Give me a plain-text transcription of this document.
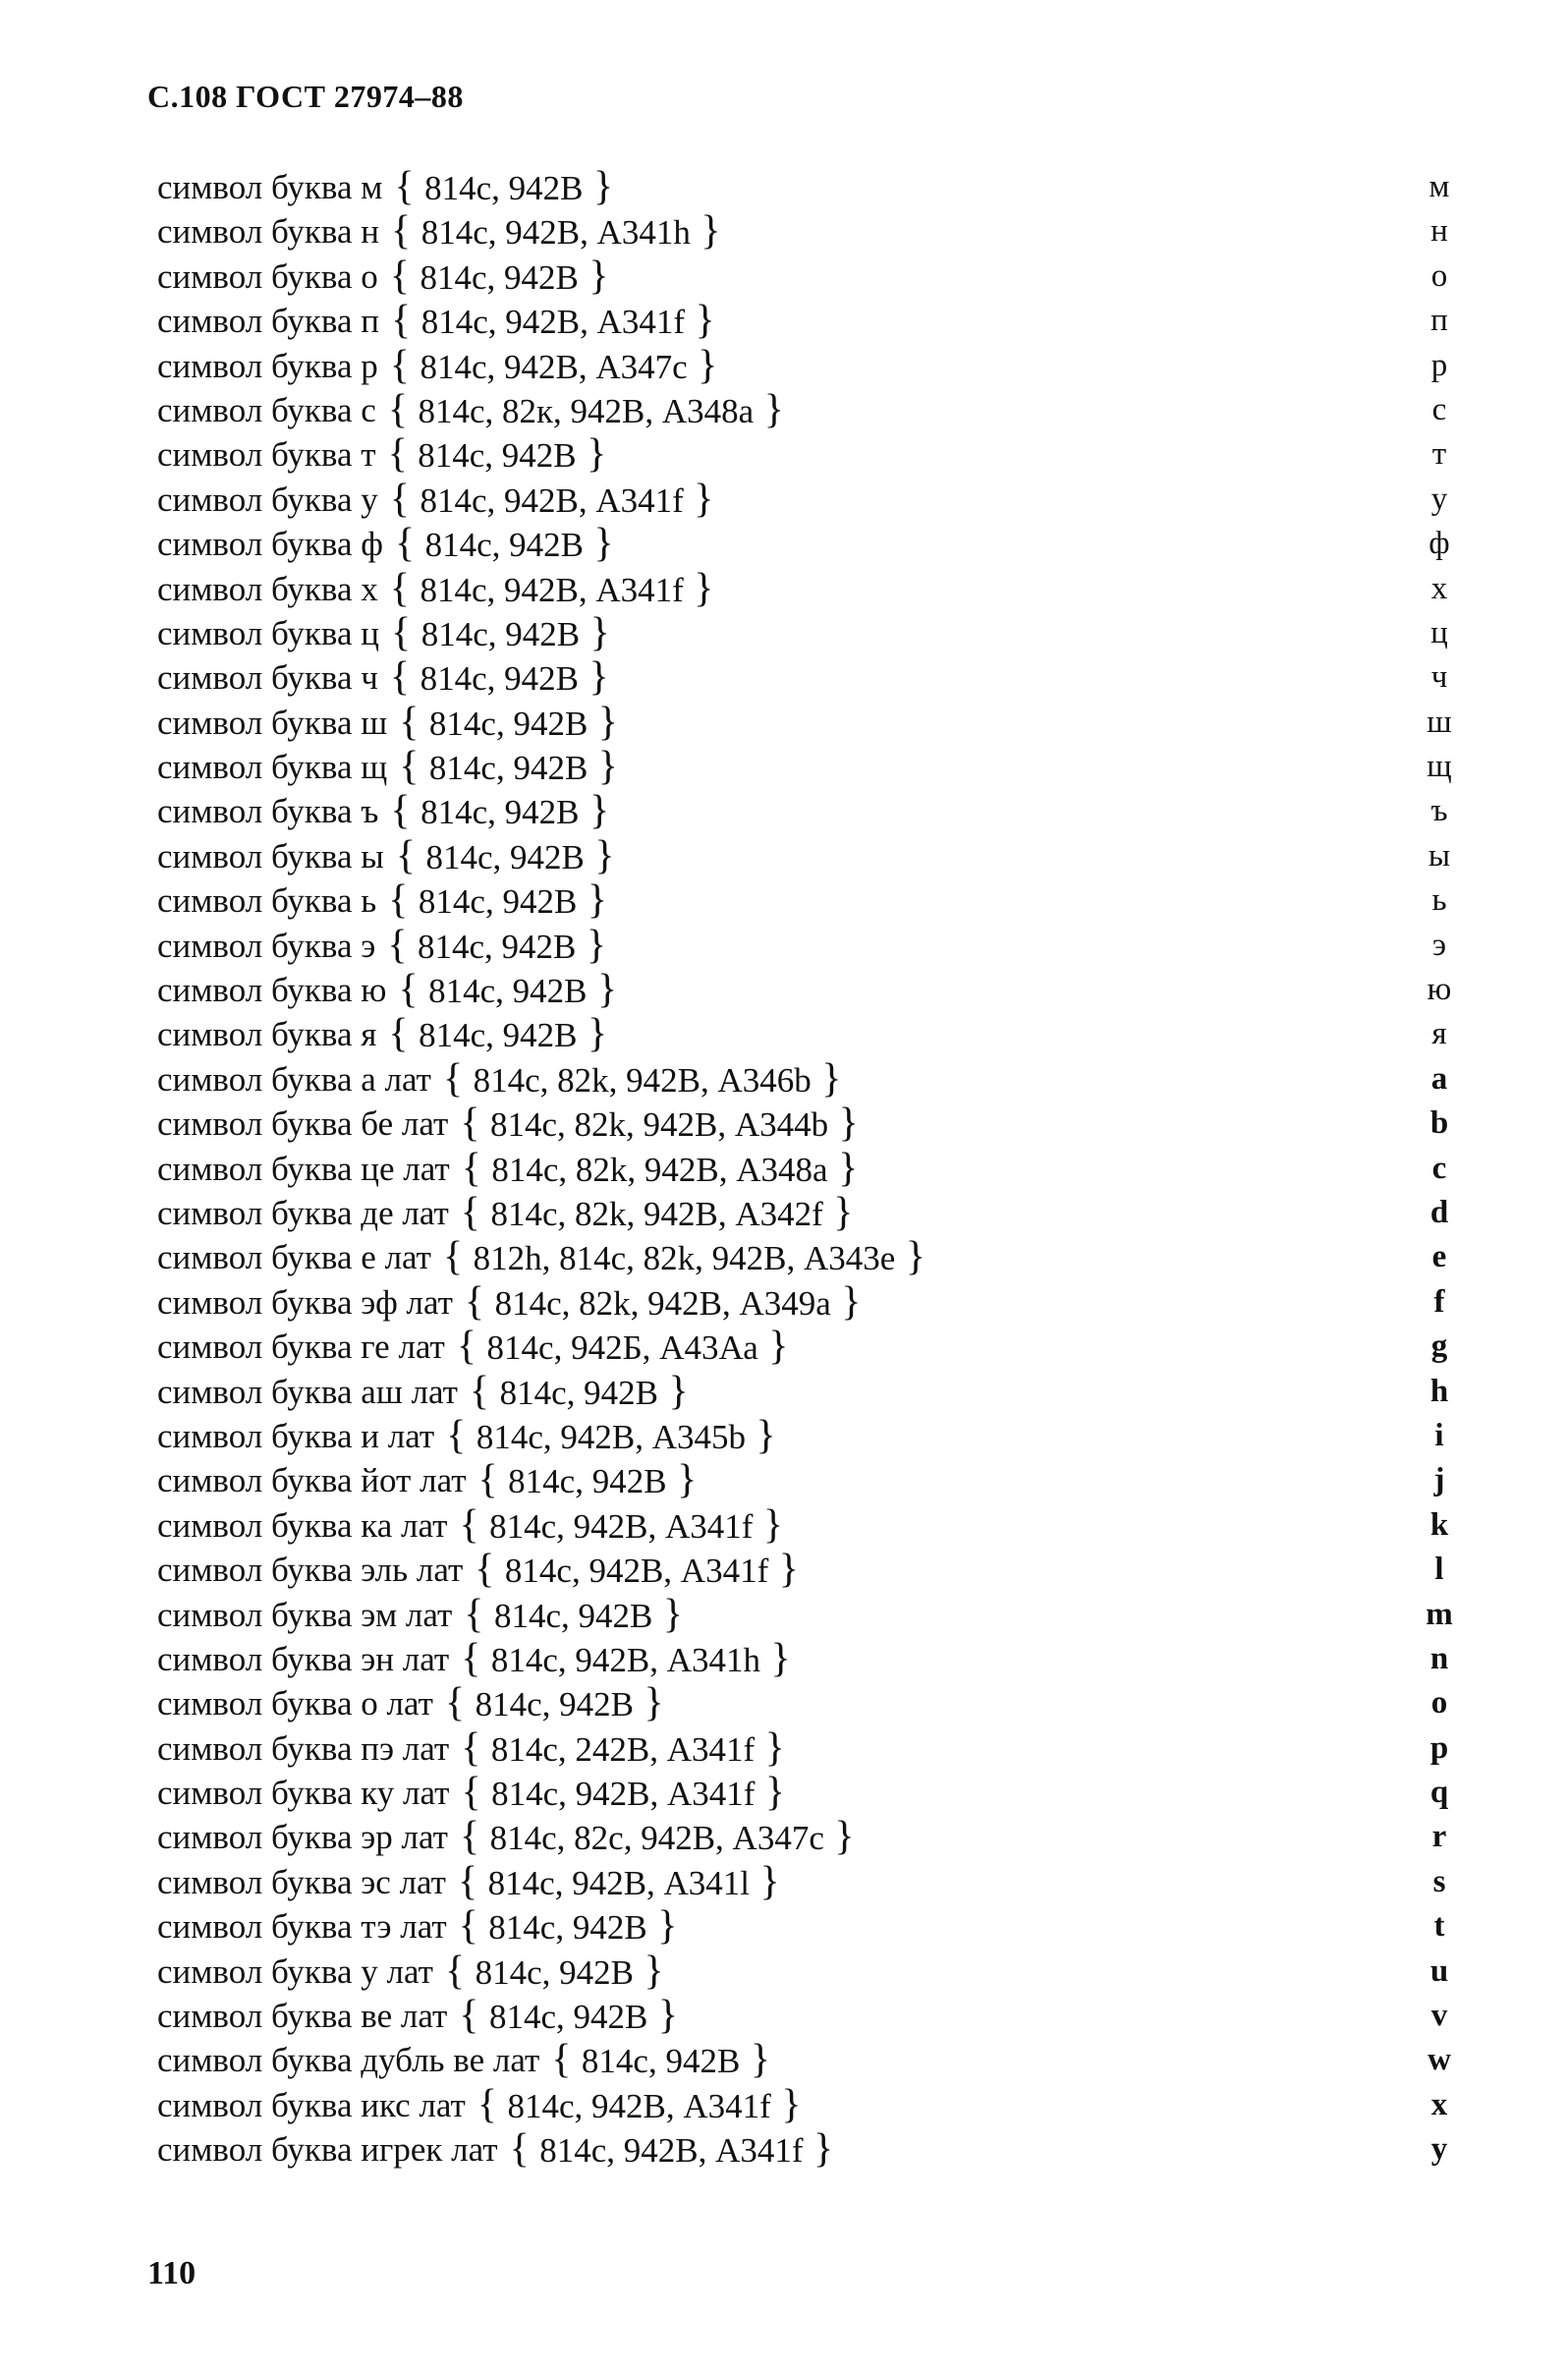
С.108 ГОСТ 27974–88
символ буква м { 814с, 942В }	м
символ буква н { 814с, 942В, А341h }	н
символ буква о { 814с, 942В }	о
символ буква п { 814с, 942В, А341f }	п
символ буква р { 814с, 942В, А347с }	р
символ буква с { 814с, 82к, 942В, А348а }	с
символ буква т { 814с, 942В }	т
символ буква у { 814с, 942В, А341f }	у
символ буква ф { 814с, 942В }	ф
символ буква х { 814с, 942В, А341f }	х
символ буква ц { 814с, 942В }	ц
символ буква ч { 814с, 942В }	ч
символ буква ш { 814с, 942В }	ш
символ буква щ { 814с, 942В }	щ
символ буква ъ { 814с, 942В }	ъ
символ буква ы { 814с, 942В }	ы
символ буква ь { 814с, 942В }	ь
символ буква э { 814с, 942В }	э
символ буква ю { 814с, 942В }	ю
символ буква я { 814с, 942В }	я
символ буква а лат { 814с, 82k, 942В, А346b }	a
символ буква бе лат { 814с, 82k, 942В, А344b }	b
символ буква це лат { 814с, 82k, 942В, А348а }	c
символ буква де лат { 814с, 82k, 942В, А342f }	d
символ буква е лат { 812h, 814с, 82k, 942В, А343е }	e
символ буква эф лат { 814с, 82k, 942В, А349а }	f
символ буква ге лат { 814с, 942Б, А43Аа }	g
символ буква аш лат { 814с, 942В }	h
символ буква и лат { 814с, 942В, А345b }	i
символ буква йот лат { 814с, 942В }	j
символ буква ка лат { 814с, 942В, А341f }	k
символ буква эль лат { 814с, 942В, А341f }	l
символ буква эм лат { 814с, 942В }	m
символ буква эн лат { 814с, 942В, А341h }	n
символ буква о лат { 814с, 942В }	o
символ буква пэ лат { 814с, 242В, А341f }	p
символ буква ку лат { 814с, 942В, А341f }	q
символ буква эр лат { 814с, 82с, 942В, А347с }	r
символ буква эс лат { 814с, 942В, А341l }	s
символ буква тэ лат { 814с, 942В }	t
символ буква у лат { 814с, 942В }	u
символ буква ве лат { 814с, 942В }	v
символ буква дубль ве лат { 814с, 942В }	w
символ буква икс лат { 814с, 942В, А341f }	x
символ буква игрек лат { 814с, 942В, А341f }	y
110
